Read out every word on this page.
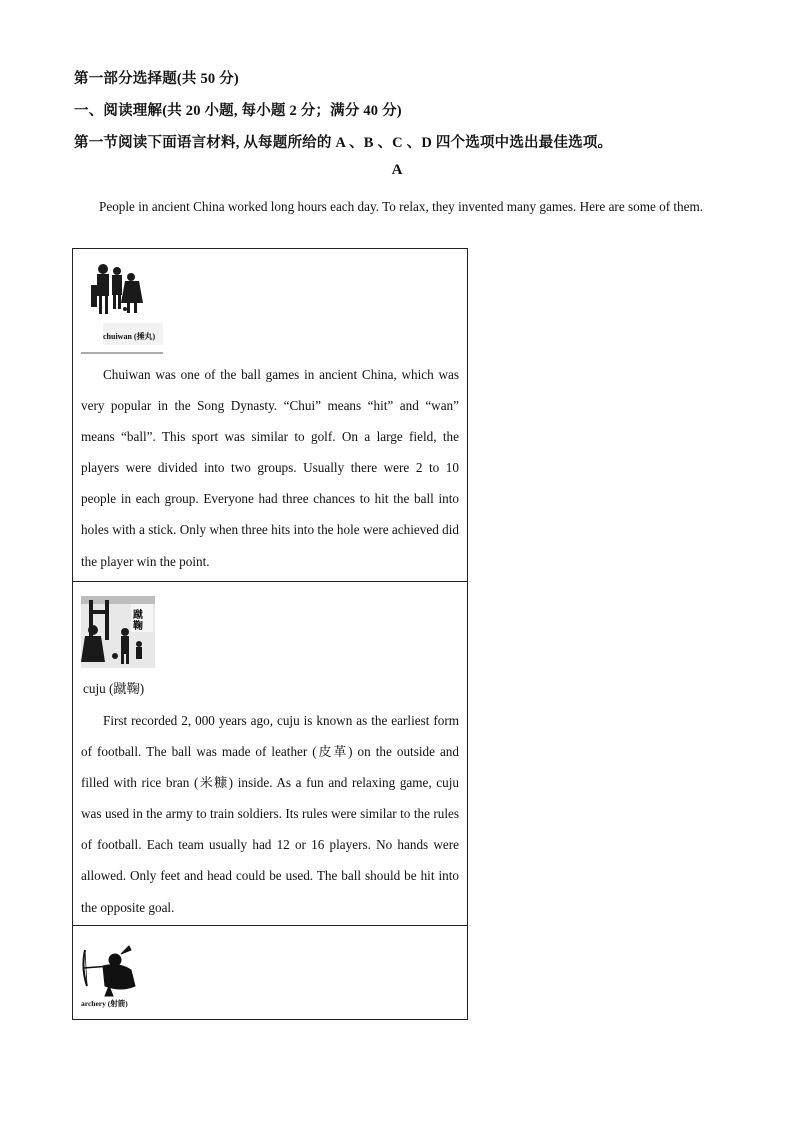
第一部分选择题(共 50 分)
一、阅读理解(共 20 小题, 每小题 2 分；满分 40 分)
第一节阅读下面语言材料, 从每题所给的 A 、B 、C 、D 四个选项中选出最佳选项。
A
People in ancient China worked long hours each day. To relax, they invented many games. Here are some of them.
chuiwan (捶丸)
Chuiwan was one of the ball games in ancient China, which was very popular in the Song Dynasty. “Chui” means “hit” and “wan” means “ball”. This sport was similar to golf. On a large field, the players were divided into two groups. Usually there were 2 to 10 people in each group. Everyone had three chances to hit the ball into holes with a stick. Only when three hits into the hole were achieved did the player win the point.
蹴鞠
cuju (蹴鞠)
First recorded 2, 000 years ago, cuju is known as the earliest form of football. The ball was made of leather (皮革) on the outside and filled with rice bran (米糠) inside. As a fun and relaxing game, cuju was used in the army to train soldiers. Its rules were similar to the rules of football. Each team usually had 12 or 16 players. No hands were allowed. Only feet and head could be used. The ball should be hit into the opposite goal.
archery (射箭)
